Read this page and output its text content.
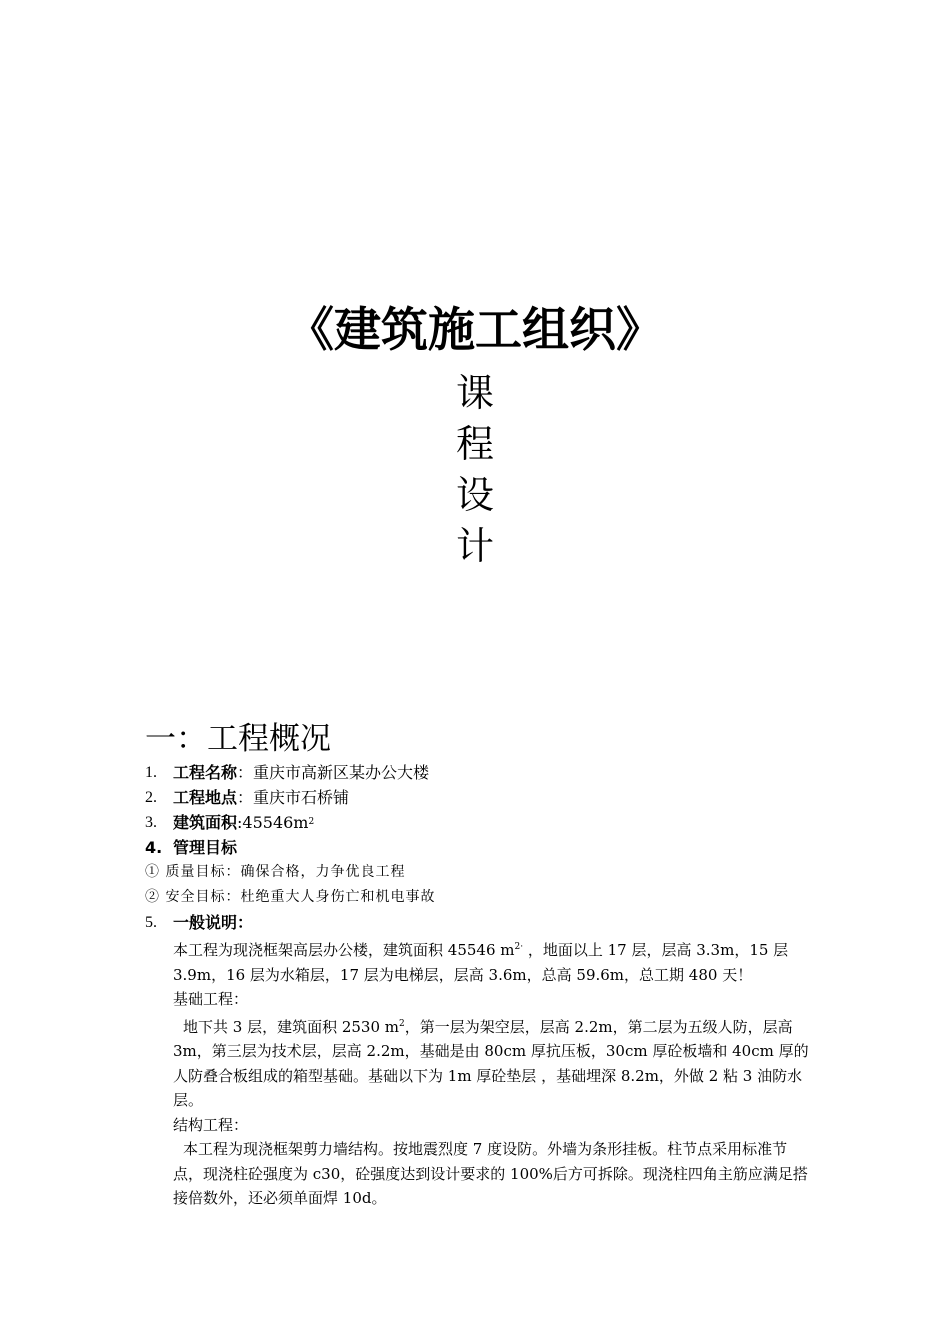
《建筑施工组织》
课
程
设
计
一：工程概况
1.	工程名称 ： 重庆市高新区某办公大楼
2.	工程地点 ： 重庆市石桥铺
3.	建筑面积 : 45546m 2
4. 管理目标
① 质量目标：确保合格，力争优良工程
② 安全目标：杜绝重大人身伤亡和机电事故
5.	一般说明：

本工程为现浇框架高层办公楼，建筑面积 45546 $m^{2\cdot}$ ，地面以上 17 层，层高 3.3m，15 层 3.9m，16 层为水箱层，17 层为电梯层，层高 3.6m，总高 59.6m，总工期 480 天！

基础工程：

地下共 3 层，建筑面积 2530 $m^2$，第一层为架空层，层高 2.2m，第二层为五级人防，层高 3m，第三层为技术层，层高 2.2m，基础是由 80cm 厚抗压板，30cm 厚砼板墙和 40cm 厚的人防叠合板组成的箱型基础。基础以下为 1m 厚砼垫层 ，基础埋深 8.2m，外做 2 粘 3 油防水层。

结构工程：

本工程为现浇框架剪力墙结构。按地震烈度 7 度设防。外墙为条形挂板。柱节点采用标准节点，现浇柱砼强度为 c30，砼强度达到设计要求的 100%后方可拆除。现浇柱四角主筋应满足搭接倍数外，还必须单面焊 10d。
